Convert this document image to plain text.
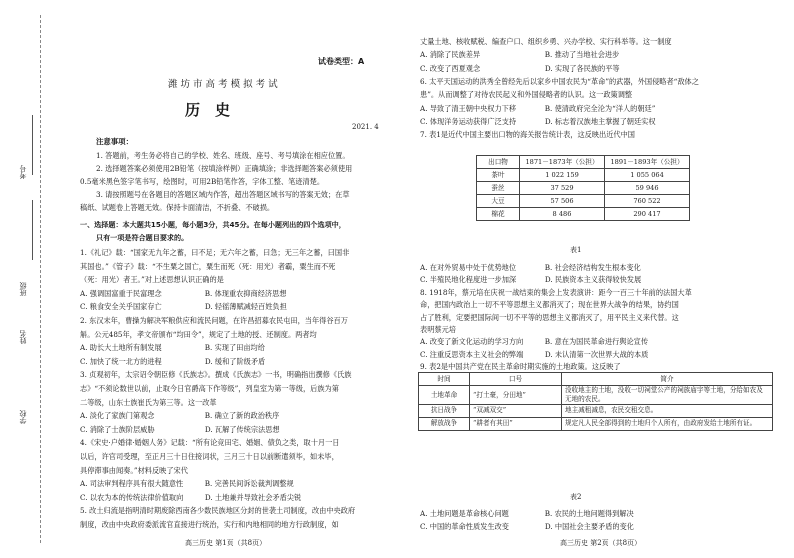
考号
班级
姓名
学校
试卷类型：A
潍 坊 市 高 考 模 拟 考 试
历　史
2021. 4
注意事项：
1. 答题前，考生务必将自己的学校、姓名、班级、座号、考号填涂在相应位置。
2. 选择题答案必须使用2B铅笔（按填涂样例）正确填涂；非选择题答案必须使用
0.5毫米黑色签字笔书写，绘图时，可用2B铅笔作答，字体工整、笔迹清楚。
3. 请按照题号在各题目的答题区域内作答，超出答题区域书写的答案无效；在草
稿纸、试题卷上答题无效。保持卡面清洁，不折叠、不破损。
一、选择题：本大题共15小题，每小题3分，共45分。在每小题列出的四个选项中，
只有一项是符合题目要求的。
1.《礼记》载：“国家无九年之蓄，曰不足；无六年之蓄，曰急；无三年之蓄，曰国非
其国也。”《管子》载：“不生粟之国亡，粟生而死（死：用光）者霸，粟生而不死
（死：用光）者王。”对上述思想认识正确的是
A. 强调国富重于民富理念　　　　　　B. 体现重农抑商经济思想
C. 粮食安全关乎国家存亡　　　　　　D. 轻徭薄赋减轻百姓负担
2. 东汉末年，曹操为解决军粮供应和流民问题，在许昌招募农民屯田，当年得谷百万
斛。公元485年，孝文帝颁布“均田令”，规定了土地的授、还制度。两者均
A. 助长大土地所有制发展　　　　　　B. 实现了田亩均给
C. 加快了统一北方的进程　　　　　　D. 缓和了阶级矛盾
3. 贞观初年，太宗诏令朝臣修《氏族志》。撰成《氏族志》一书，明确指出撰修《氏族
志》“不须论数世以前，止取今日官爵高下作等级”，列皇室为第一等级，后族为第
二等级，山东士族崔氏为第三等。这一改革
A. 淡化了家族门第观念　　　　　　　B. 确立了新的政治秩序
C. 消除了士族阶层威胁　　　　　　　D. 瓦解了传统宗法思想
4.《宋史·户婚律·婚姻人务》记载：“所有论竞田宅、婚姻、债负之类，取十月一日
以后，许官司受理，至正月三十日住接词状，三月三十日以前断遣须毕，如未毕，
具停滞事由闻奏。”材料反映了宋代
A. 司法审判程序具有很大随意性　　　B. 完善民间诉讼裁判调整规
C. 以农为本的传统法律价值取向　　　D. 土地兼并导致社会矛盾尖锐
5. 改土归流是指明清时期废除西南各少数民族地区分封的世袭土司制度，改由中央政府
制度，改由中央政府委派流官直接进行统治，实行和内地相同的地方行政制度，如
丈量土地、核收赋税、编查户口、组织乡勇、兴办学校、实行科举等。这一制度
A. 消除了民族差异　　　　　　　　　B. 推动了当地社会进步
C. 改变了西夏观念　　　　　　　　　D. 实现了各民族的平等
6. 太平天国运动的洪秀全曾经先后以家乡中国农民为“革命”的武器，外国侵略者“敌体之
患”。从而调整了对待农民起义和外国侵略者的认识。这一政策调整
A. 导致了清王朝中央权力下移　　　　B. 使清政府完全沦为“洋人的朝廷”
C. 体现洋务运动获得广泛支持　　　　D. 标志着汉族地主掌握了朝廷实权
7. 表1是近代中国主要出口物的海关报告统计表，这反映出近代中国
出口物	1871－1873年（公担）	1891－1893年（公担）
茶叶	1 022 159	1 055 064
蚕丝	37 529	59 946
大豆	57 506	760 522
棉花	8 486	290 417
表1
A. 在对外贸易中处于优势地位　　　　B. 社会经济结构发生根本变化
C. 半殖民地化程度进一步加深　　　　D. 民族资本主义获得较快发展
8. 1918年，蔡元培在庆祝一战结束的集会上发表演讲：距今一百三十年前的法国大革
命，把国内政治上一切不平等思想主义都消灭了；现在世界大战争的结果，协约国
占了胜利，定要把国际间一切不平等的思想主义都消灭了，用平民主义来代替。这
表明蔡元培
A. 改变了新文化运动的学习方向　　　B. 意在为国民革命进行舆论宣传
C. 注重反思资本主义社会的弊端　　　D. 未认清第一次世界大战的本质
9. 表2是中国共产党在民主革命时期实施的土地政策。这反映了
时间	口号	简介
土地革命	“打土豪，分田地”	没收地主的土地，没收一切祠堂公产的祠族庙宇等土地，分给如农及无地的农民。
抗日战争	“双减双交”	地主减租减息，农民交租交息。
解放战争	“耕者有其田”	规定凡人民全部得到的土地归个人所有，由政府发给土地所有证。
表2
A. 土地问题是革命核心问题　　　　　B. 农民的土地问题得到解决
C. 中国的革命性质发生改变　　　　　D. 中国社会主要矛盾的变化
高三历史 第1页（共8页）	高三历史 第2页（共8页）
